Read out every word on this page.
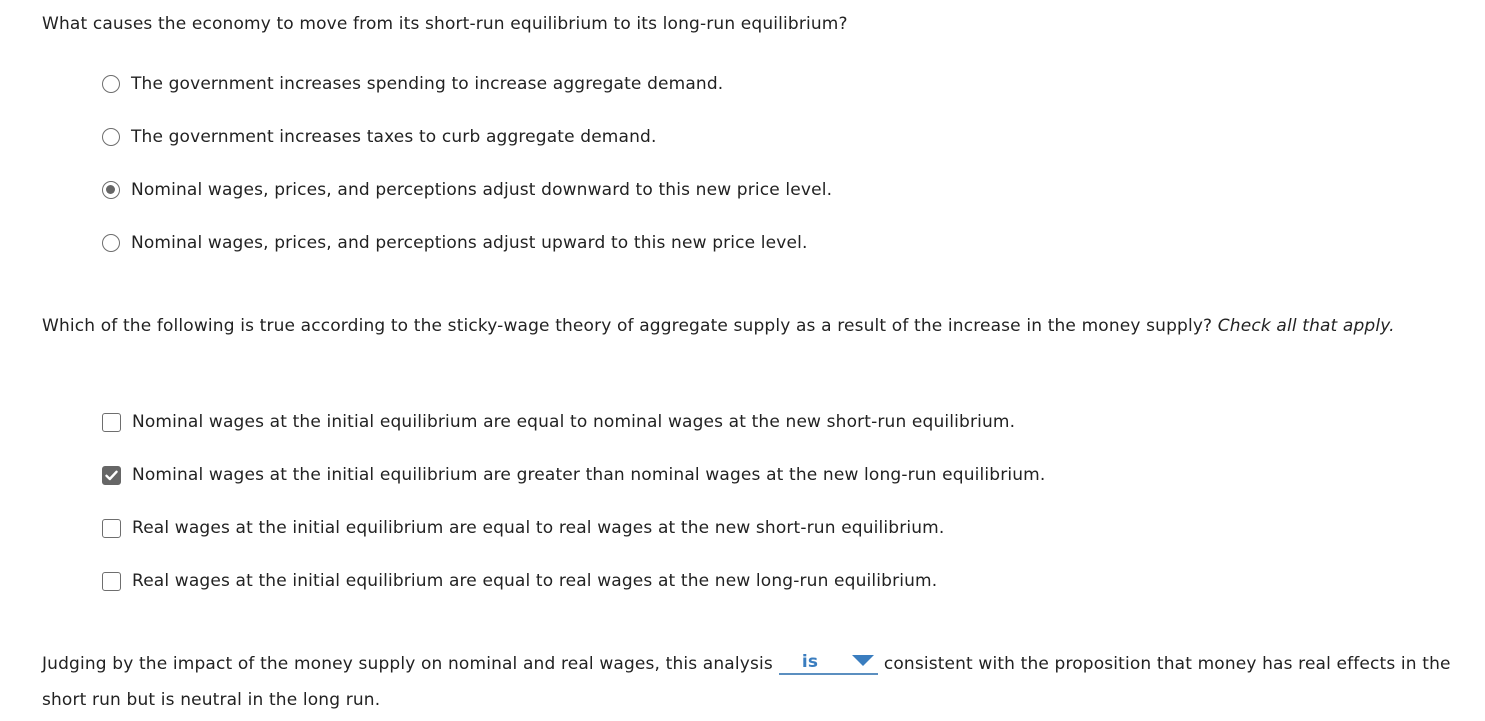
What causes the economy to move from its short-run equilibrium to its long-run equilibrium?

The government increases spending to increase aggregate demand.
The government increases taxes to curb aggregate demand.
Nominal wages, prices, and perceptions adjust downward to this new price level.
Nominal wages, prices, and perceptions adjust upward to this new price level.

Which of the following is true according to the sticky-wage theory of aggregate supply as a result of the increase in the money supply? Check all that apply.

Nominal wages at the initial equilibrium are equal to nominal wages at the new short-run equilibrium.
Nominal wages at the initial equilibrium are greater than nominal wages at the new long-run equilibrium.
Real wages at the initial equilibrium are equal to real wages at the new short-run equilibrium.
Real wages at the initial equilibrium are equal to real wages at the new long-run equilibrium.

Judging by the impact of the money supply on nominal and real wages, this analysis is	consistent with the proposition that money has real effects in the short run but is neutral in the long run.
